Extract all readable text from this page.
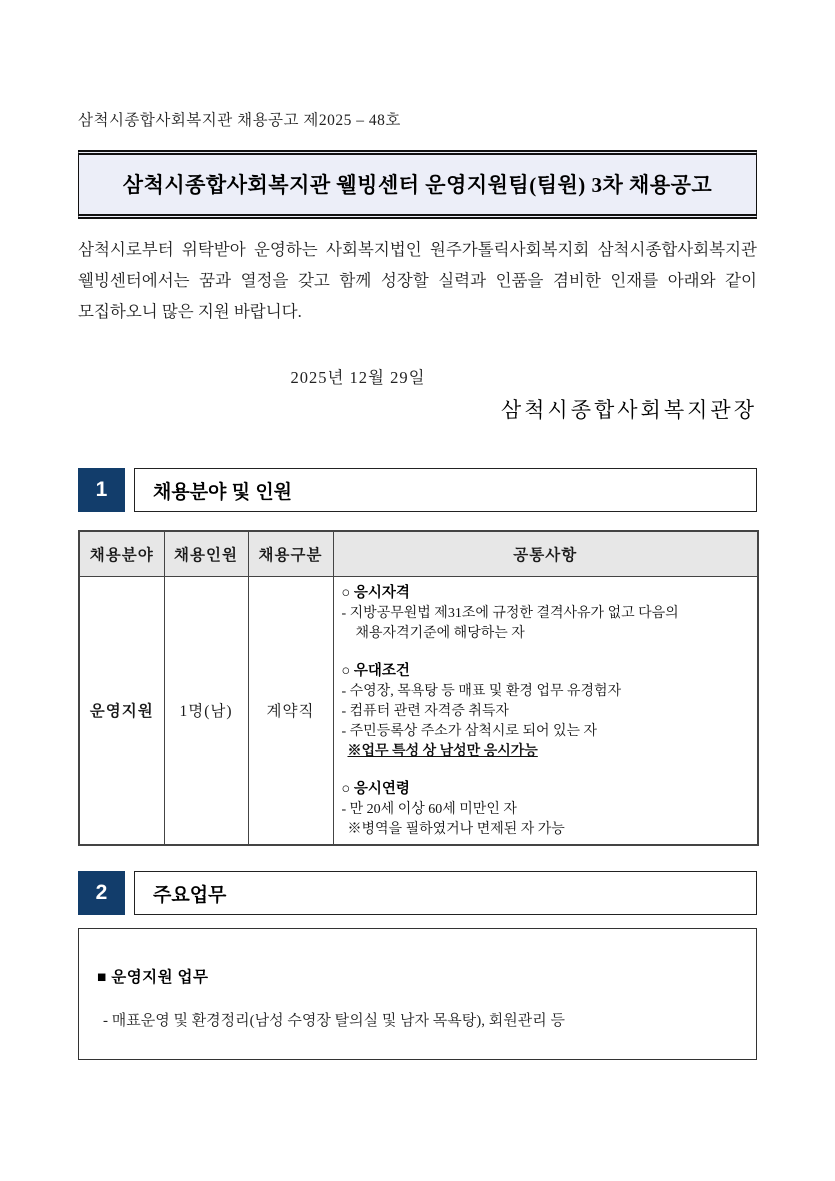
삼척시종합사회복지관 채용공고 제2025 – 48호
삼척시종합사회복지관 웰빙센터 운영지원팀(팀원) 3차 채용공고
삼척시로부터 위탁받아 운영하는 사회복지법인 원주가톨릭사회복지회 삼척시종합사회복지관 웰빙센터에서는 꿈과 열정을 갖고 함께 성장할 실력과 인품을 겸비한 인재를 아래와 같이 모집하오니 많은 지원 바랍니다.
2025년 12월 29일
삼척시종합사회복지관장
1	채용분야 및 인원
채용분야	채용인원	채용구분	공통사항
운영지원	1명(남)	계약직	
○ 응시자격
- 지방공무원법 제31조에 규정한 결격사유가 없고 다음의 채용자격기준에 해당하는 자
○ 우대조건
- 수영장, 목욕탕 등 매표 및 환경 업무 유경험자
- 컴퓨터 관련 자격증 취득자
- 주민등록상 주소가 삼척시로 되어 있는 자
※업무 특성 상 남성만 응시가능
○ 응시연령
- 만 20세 이상 60세 미만인 자
※병역을 필하였거나 면제된 자 가능
2	주요업무
■ 운영지원 업무
- 매표운영 및 환경정리(남성 수영장 탈의실 및 남자 목욕탕), 회원관리 등
